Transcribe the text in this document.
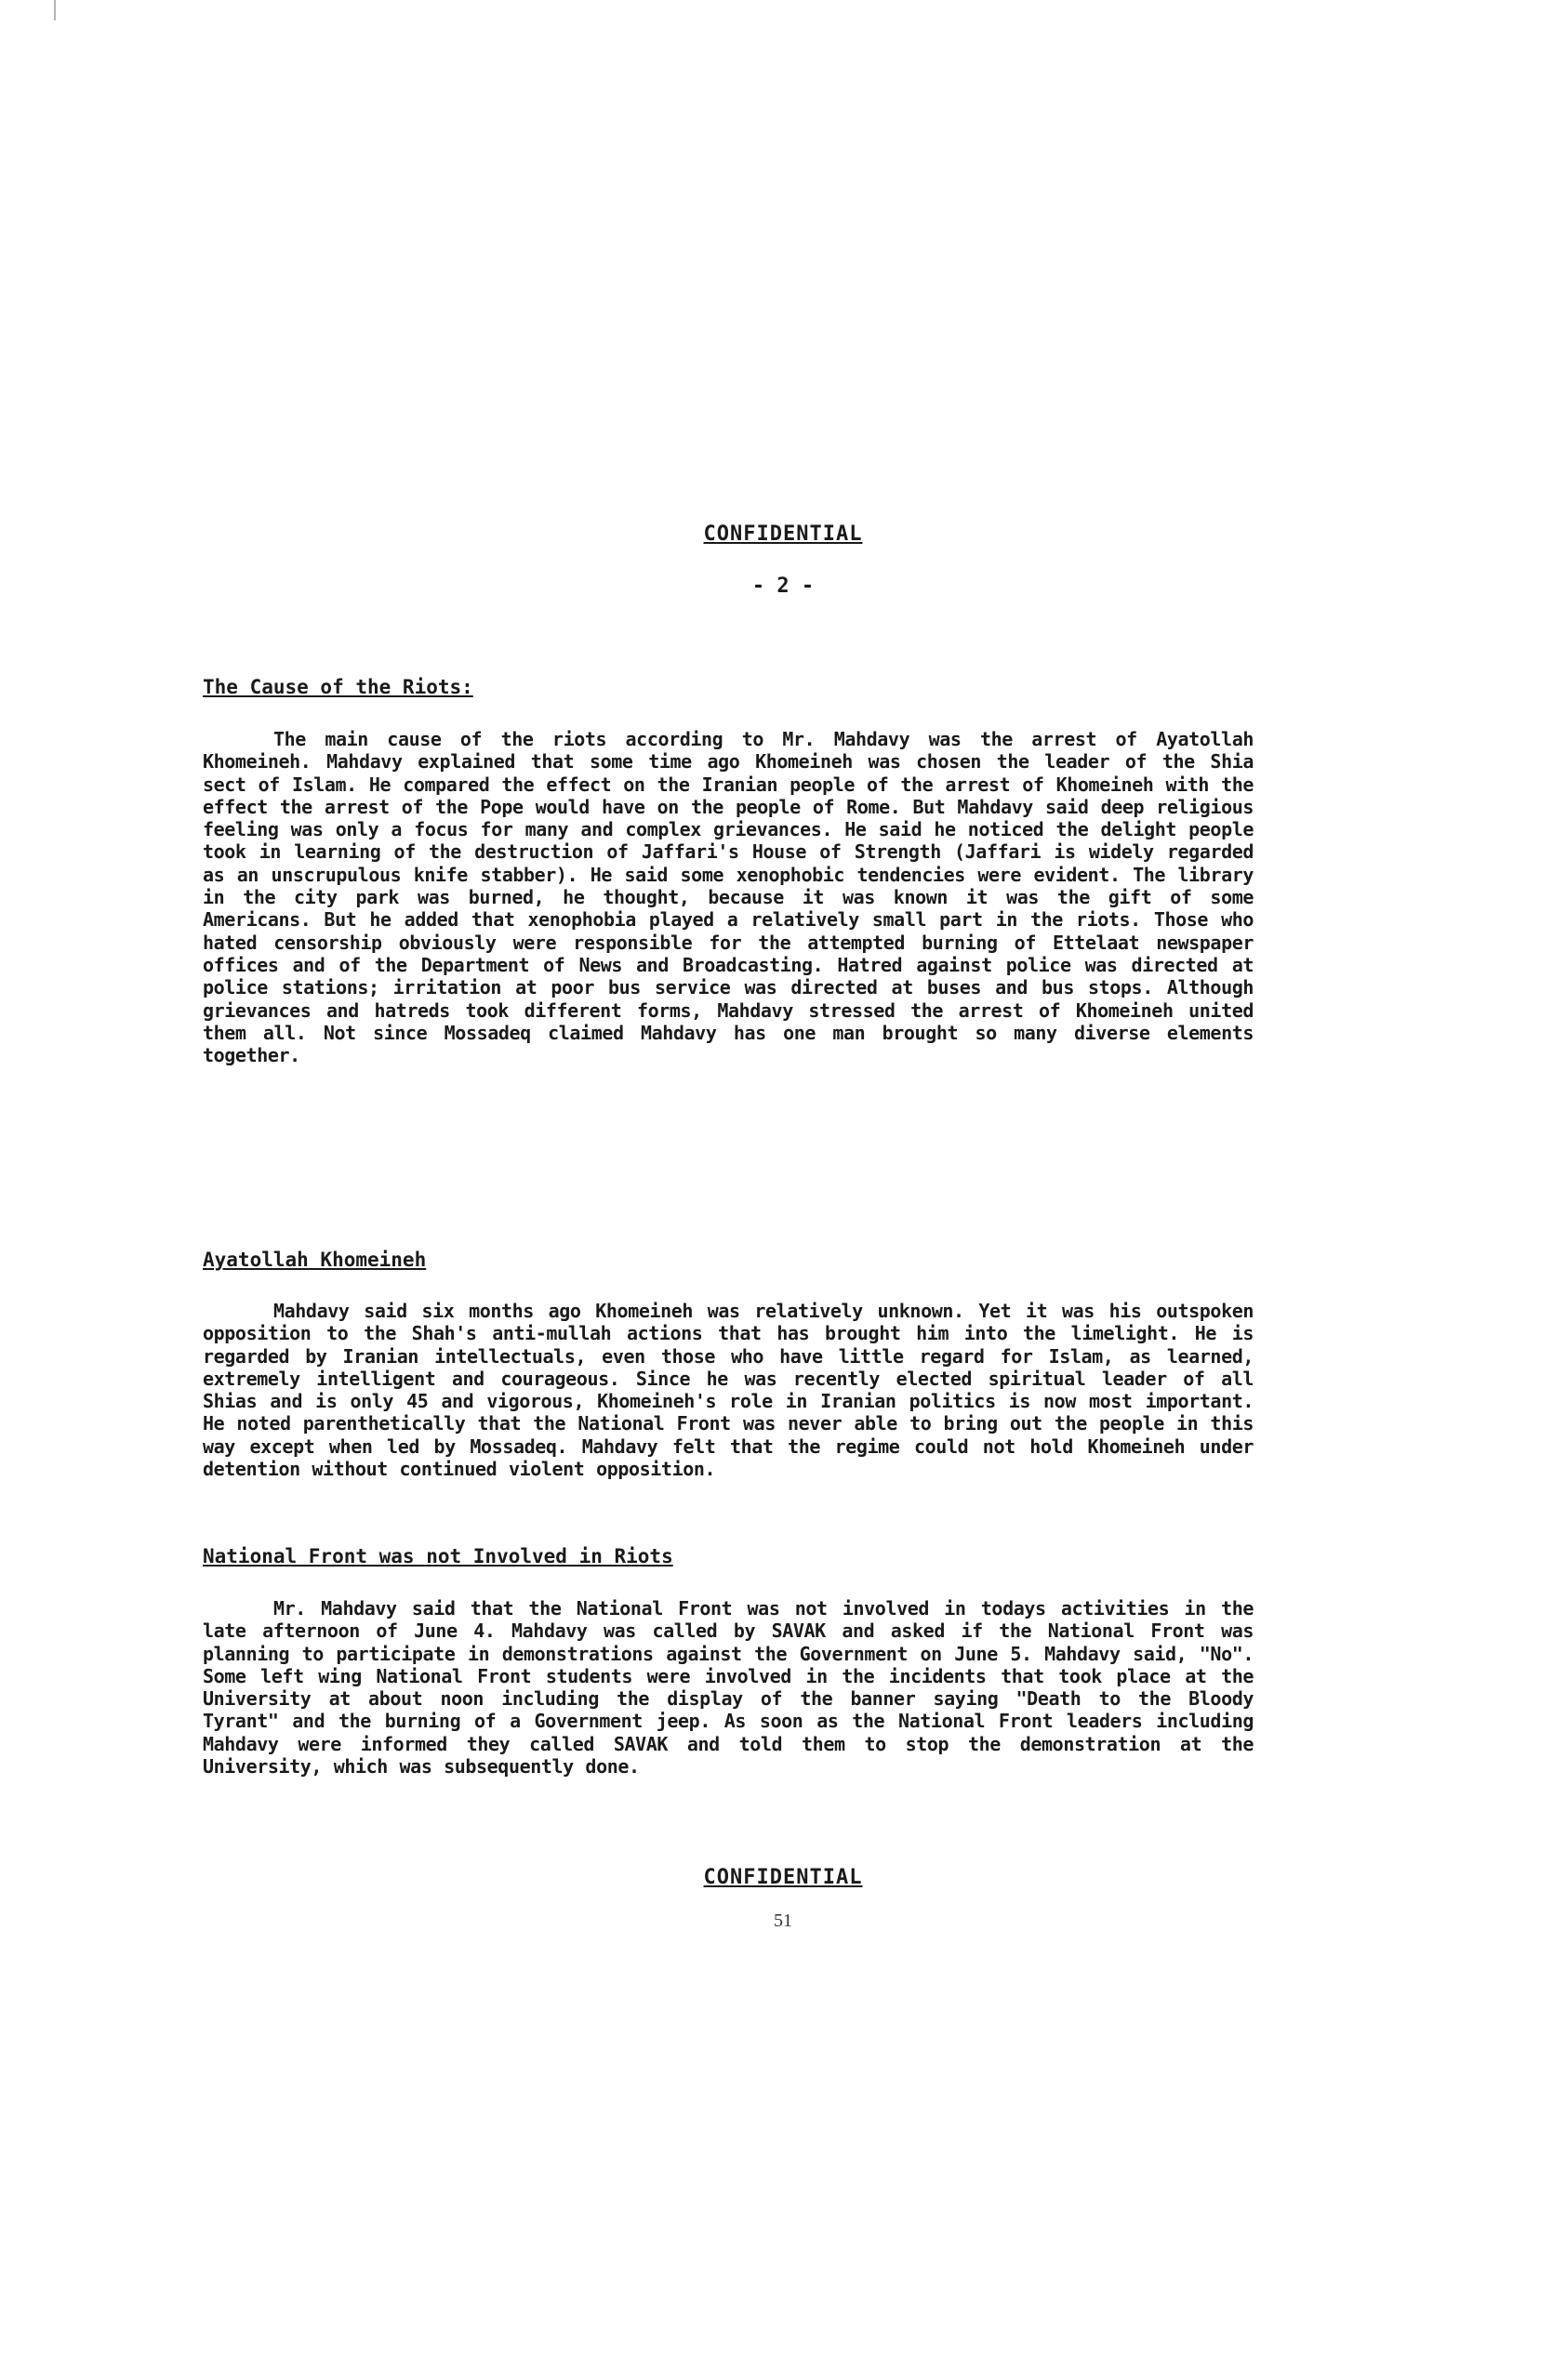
CONFIDENTIAL
- 2 -
The Cause of the Riots:

The main cause of the riots according to Mr. Mahdavy was the arrest of Ayatollah Khomeineh. Mahdavy explained that some time ago Khomeineh was chosen the leader of the Shia sect of Islam. He compared the effect on the Iranian people of the arrest of Khomeineh with the effect the arrest of the Pope would have on the people of Rome. But Mahdavy said deep religious feeling was only a focus for many and complex grievances. He said he noticed the delight people took in learning of the destruction of Jaffari's House of Strength (Jaffari is widely regarded as an unscrupulous knife stabber). He said some xenophobic tendencies were evident. The library in the city park was burned, he thought, because it was known it was the gift of some Americans. But he added that xenophobia played a relatively small part in the riots. Those who hated censorship obviously were responsible for the attempted burning of Ettelaat newspaper offices and of the Department of News and Broadcasting. Hatred against police was directed at police stations; irritation at poor bus service was directed at buses and bus stops. Although grievances and hatreds took different forms, Mahdavy stressed the arrest of Khomeineh united them all. Not since Mossadeq claimed Mahdavy has one man brought so many diverse elements together.

Ayatollah Khomeineh

Mahdavy said six months ago Khomeineh was relatively unknown. Yet it was his outspoken opposition to the Shah's anti-mullah actions that has brought him into the limelight. He is regarded by Iranian intellectuals, even those who have little regard for Islam, as learned, extremely intelligent and courageous. Since he was recently elected spiritual leader of all Shias and is only 45 and vigorous, Khomeineh's role in Iranian politics is now most important. He noted parenthetically that the National Front was never able to bring out the people in this way except when led by Mossadeq. Mahdavy felt that the regime could not hold Khomeineh under detention without continued violent opposition.

National Front was not Involved in Riots

Mr. Mahdavy said that the National Front was not involved in todays activities in the late afternoon of June 4. Mahdavy was called by SAVAK and asked if the National Front was planning to participate in demonstrations against the Government on June 5. Mahdavy said, "No". Some left wing National Front students were involved in the incidents that took place at the University at about noon including the display of the banner saying "Death to the Bloody Tyrant" and the burning of a Government jeep. As soon as the National Front leaders including Mahdavy were informed they called SAVAK and told them to stop the demonstration at the University, which was subsequently done.

CONFIDENTIAL
51
